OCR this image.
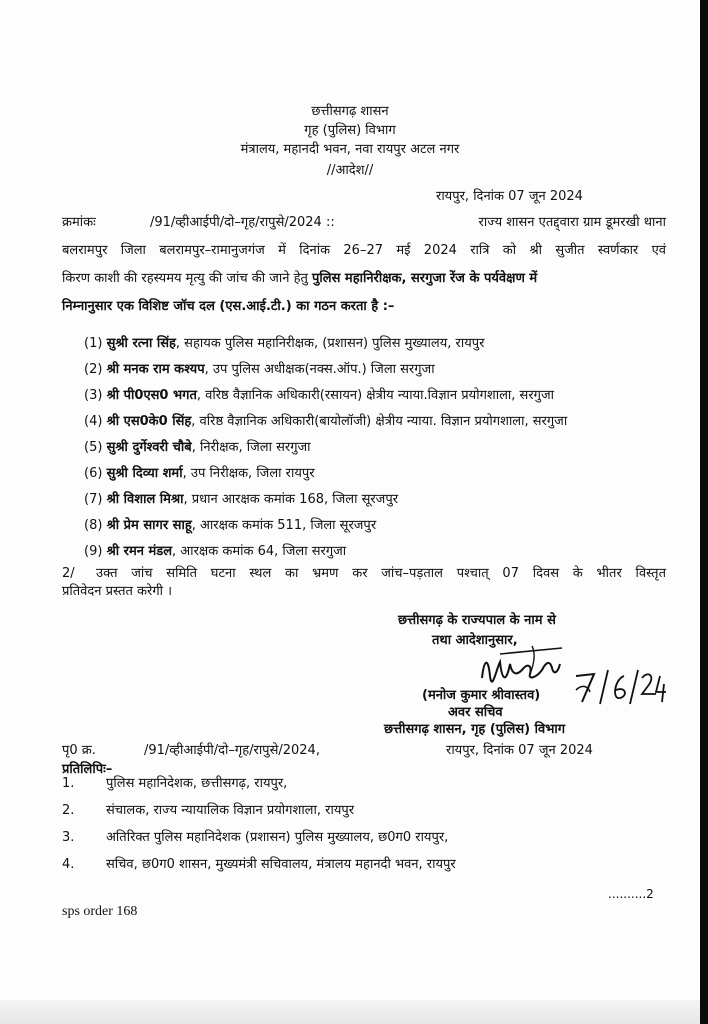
छत्तीसगढ़ शासन
गृह (पुलिस) विभाग
मंत्रालय, महानदी भवन, नवा रायपुर अटल नगर
//आदेश//
रायपुर, दिनांक 07 जून 2024
क्रमांकः	/91/व्हीआईपी/दो–गृह/रापुसे/2024 ::	राज्य शासन एतद्द्वारा ग्राम डूमरखी थाना
बलरामपुर जिला बलरामपुर–रामानुजगंज में दिनांक 26–27 मई 2024 रात्रि को श्री सुजीत स्वर्णकार एवं
किरण काशी की रहस्यमय मृत्यु की जांच की जाने हेतु पुलिस महानिरीक्षक, सरगुजा रेंज के पर्यवेक्षण में
निम्नानुसार एक विशिष्ट जॉच दल (एस.आई.टी.) का गठन करता है :–
(1) सुश्री रत्ना सिंह, सहायक पुलिस महानिरीक्षक, (प्रशासन) पुलिस मुख्यालय, रायपुर
(2) श्री मनक राम कश्यप, उप पुलिस अधीक्षक(नक्स.ऑप.) जिला सरगुजा
(3) श्री पी0एस0 भगत, वरिष्ठ वैज्ञानिक अधिकारी(रसायन) क्षेत्रीय न्याया.विज्ञान प्रयोगशाला, सरगुजा
(4) श्री एस0के0 सिंह, वरिष्ठ वैज्ञानिक अधिकारी(बायोलॉजी) क्षेत्रीय न्याया. विज्ञान प्रयोगशाला, सरगुजा
(5) सुश्री दुर्गेश्वरी चौबे, निरीक्षक, जिला सरगुजा
(6) सुश्री दिव्या शर्मा, उप निरीक्षक, जिला रायपुर
(7) श्री विशाल मिश्रा, प्रधान आरक्षक कमांक 168, जिला सूरजपुर
(8) श्री प्रेम सागर साहू, आरक्षक कमांक 511, जिला सूरजपुर
(9) श्री रमन मंडल, आरक्षक कमांक 64, जिला सरगुजा
2/ उक्त जांच समिति घटना स्थल का भ्रमण कर जांच–पड़ताल पश्चात् 07 दिवस के भीतर विस्तृत
प्रतिवेदन प्रस्तत करेगी ।
छत्तीसगढ़ के राज्यपाल के नाम से
तथा आदेशानुसार,
(मनोज कुमार श्रीवास्तव)
अवर सचिव
छत्तीसगढ़ शासन, गृह (पुलिस) विभाग
पृ0 क्र.	/91/व्हीआईपी/दो–गृह/रापुसे/2024,	रायपुर, दिनांक 07 जून 2024
प्रतिलिपिः–
1. पुलिस महानिदेशक, छत्तीसगढ़, रायपुर,
2. संचालक, राज्य न्यायालिक विज्ञान प्रयोगशाला, रायपुर
3. अतिरिक्त पुलिस महानिदेशक (प्रशासन) पुलिस मुख्यालय, छ0ग0 रायपुर,
4. सचिव, छ0ग0 शासन, मुख्यमंत्री सचिवालय, मंत्रालय महानदी भवन, रायपुर
..........2
sps order 168
